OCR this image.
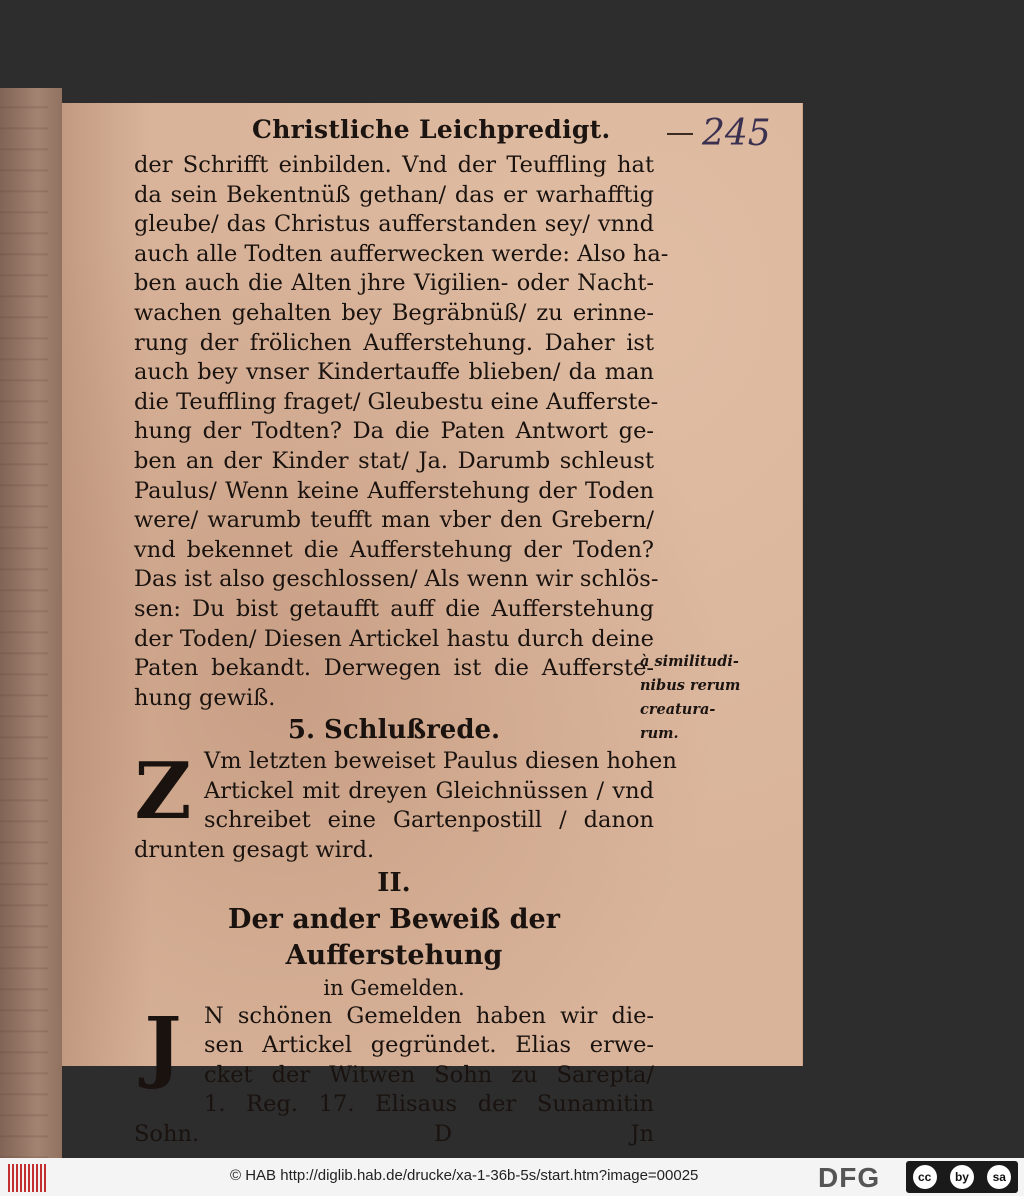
Christliche Leichpredigt.	245
der Schrifft einbilden. Vnd der Teuffling hat
da sein Bekentnüß gethan/ das er warhafftig
gleube/ das Christus aufferstanden sey/ vnnd
auch alle Todten aufferwecken werde: Also ha-
ben auch die Alten jhre Vigilien- oder Nacht-
wachen gehalten bey Begräbnüß/ zu erinne-
rung der frölichen Aufferstehung. Daher ist
auch bey vnser Kindertauffe blieben/ da man
die Teuffling fraget/ Gleubestu eine Aufferste-
hung der Todten? Da die Paten Antwort ge-
ben an der Kinder stat/ Ja. Darumb schleust
Paulus/ Wenn keine Aufferstehung der Toden
were/ warumb teufft man vber den Grebern/
vnd bekennet die Aufferstehung der Toden?
Das ist also geschlossen/ Als wenn wir schlös-
sen: Du bist getaufft auff die Aufferstehung
der Toden/ Diesen Artickel hastu durch deine
Paten bekandt. Derwegen ist die Aufferste-
hung gewiß.
5. Schlußrede.
Z Vm letzten beweiset Paulus diesen hohen
Artickel mit dreyen Gleichnüssen / vnd
schreibet eine Gartenpostill / danon
drunten gesagt wird.
II.
Der ander Beweiß der Aufferstehung
in Gemelden.
J	N schönen Gemelden haben wir die-
sen Artickel gegründet. Elias erwe-
cket der Witwen Sohn zu Sarepta/
1. Reg. 17. Elisaus der Sunamitin
Sohn.	D	Jn
à similitudi-
nibus rerum
creatura-
rum.
© HAB http://diglib.hab.de/drucke/xa-1-36b-5s/start.htm?image=00025	DFG	cc	by	sa
